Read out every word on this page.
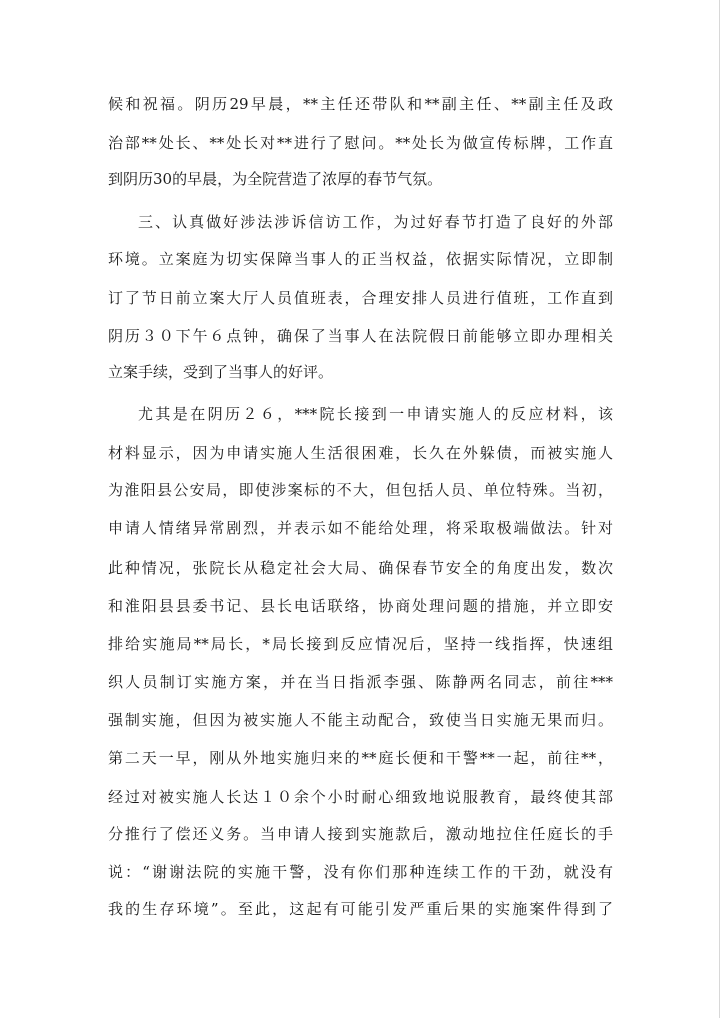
候和祝福。阴历29早晨，**主任还带队和**副主任、**副主任及政
治部**处长、**处长对**进行了慰问。**处长为做宣传标牌，工作直
到阴历30的早晨，为全院营造了浓厚的春节气氛。
三、认真做好涉法涉诉信访工作，为过好春节打造了良好的外部
环境。立案庭为切实保障当事人的正当权益，依据实际情况，立即制
订了节日前立案大厅人员值班表，合理安排人员进行值班，工作直到
阴历３０下午６点钟，确保了当事人在法院假日前能够立即办理相关
立案手续，受到了当事人的好评。
尤其是在阴历２６，***院长接到一申请实施人的反应材料，该
材料显示，因为申请实施人生活很困难，长久在外躲债，而被实施人
为淮阳县公安局，即使涉案标的不大，但包括人员、单位特殊。当初，
申请人情绪异常剧烈，并表示如不能给处理，将采取极端做法。针对
此种情况，张院长从稳定社会大局、确保春节安全的角度出发，数次
和淮阳县县委书记、县长电话联络，协商处理问题的措施，并立即安
排给实施局**局长，*局长接到反应情况后，坚持一线指挥，快速组
织人员制订实施方案，并在当日指派李强、陈静两名同志，前往***
强制实施，但因为被实施人不能主动配合，致使当日实施无果而归。
第二天一早，刚从外地实施归来的**庭长便和干警**一起，前往**，
经过对被实施人长达１０余个小时耐心细致地说服教育，最终使其部
分推行了偿还义务。当申请人接到实施款后，激动地拉住任庭长的手
说：“谢谢法院的实施干警，没有你们那种连续工作的干劲，就没有
我的生存环境”。至此，这起有可能引发严重后果的实施案件得到了
